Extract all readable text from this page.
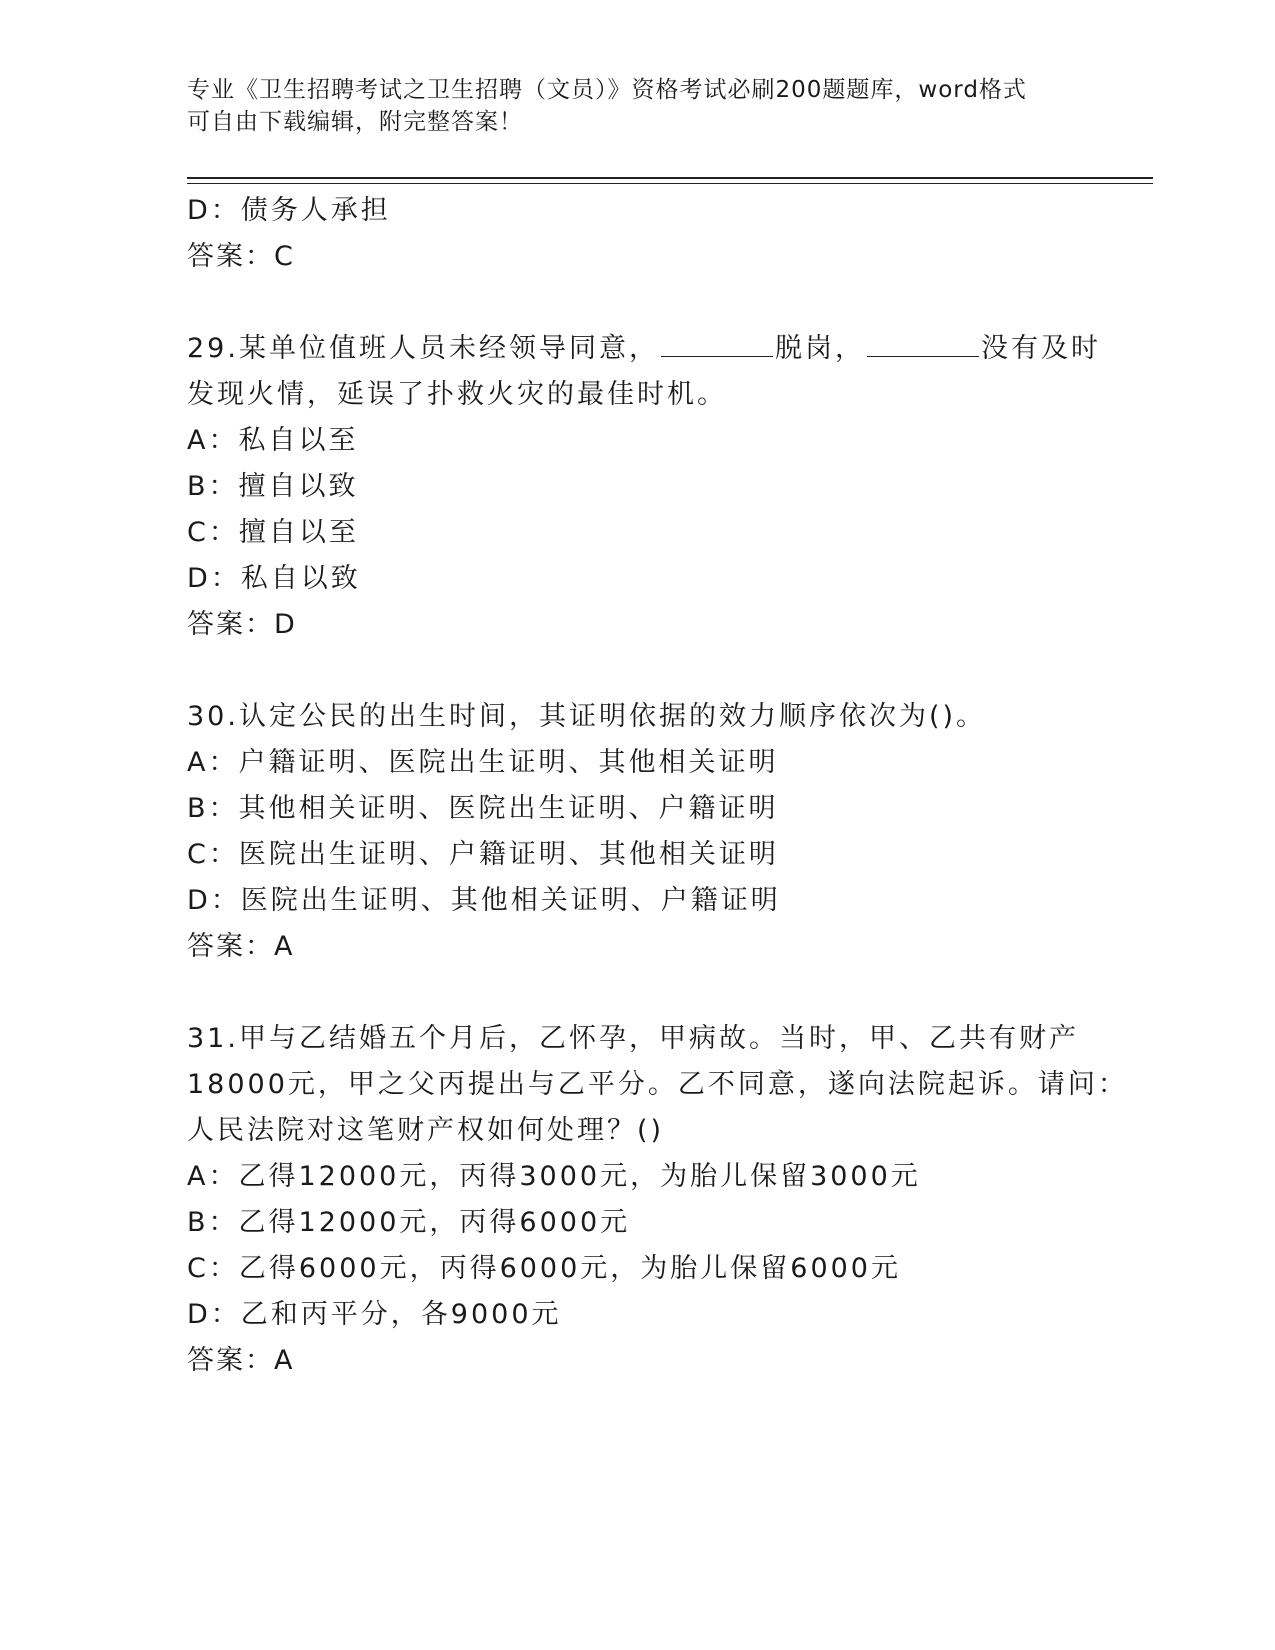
专业《卫生招聘考试之卫生招聘（文员）》资格考试必刷200题题库，word格式
可自由下载编辑，附完整答案！
D：债务人承担
答案：C
29.某单位值班人员未经领导同意，	脱岗，	没有及时
发现火情，延误了扑救火灾的最佳时机。
A：私自以至
B：擅自以致
C：擅自以至
D：私自以致
答案：D
30.认定公民的出生时间，其证明依据的效力顺序依次为()。
A：户籍证明、医院出生证明、其他相关证明
B：其他相关证明、医院出生证明、户籍证明
C：医院出生证明、户籍证明、其他相关证明
D：医院出生证明、其他相关证明、户籍证明
答案：A
31.甲与乙结婚五个月后，乙怀孕，甲病故。当时，甲、乙共有财产
18000元，甲之父丙提出与乙平分。乙不同意，遂向法院起诉。请问：
人民法院对这笔财产权如何处理？()
A：乙得12000元，丙得3000元，为胎儿保留3000元
B：乙得12000元，丙得6000元
C：乙得6000元，丙得6000元，为胎儿保留6000元
D：乙和丙平分，各9000元
答案：A
